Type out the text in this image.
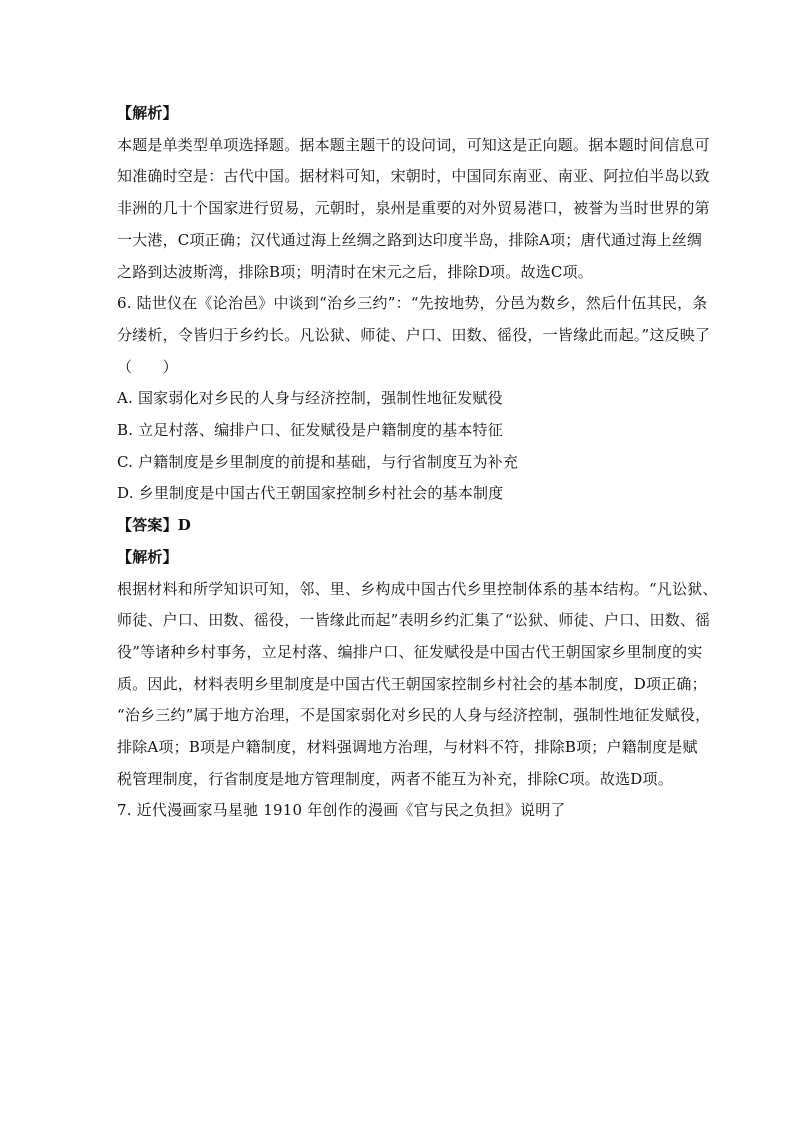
【解析】
本题是单类型单项选择题。据本题主题干的设问词，可知这是正向题。据本题时间信息可
知准确时空是：古代中国。据材料可知，宋朝时，中国同东南亚、南亚、阿拉伯半岛以致
非洲的几十个国家进行贸易，元朝时，泉州是重要的对外贸易港口，被誉为当时世界的第
一大港，C项正确；汉代通过海上丝绸之路到达印度半岛，排除A项；唐代通过海上丝绸
之路到达波斯湾，排除B项；明清时在宋元之后，排除D项。故选C项。
6. 陆世仪在《论治邑》中谈到“治乡三约”：“先按地势，分邑为数乡，然后什伍其民，条
分缕析，令皆归于乡约长。凡讼狱、师徒、户口、田数、徭役，一皆缘此而起。”这反映了
（　　）
A. 国家弱化对乡民的人身与经济控制，强制性地征发赋役
B. 立足村落、编排户口、征发赋役是户籍制度的基本特征
C. 户籍制度是乡里制度的前提和基础，与行省制度互为补充
D. 乡里制度是中国古代王朝国家控制乡村社会的基本制度
【答案】D
【解析】
根据材料和所学知识可知，邻、里、乡构成中国古代乡里控制体系的基本结构。“凡讼狱、
师徒、户口、田数、徭役，一皆缘此而起”表明乡约汇集了“讼狱、师徒、户口、田数、徭
役”等诸种乡村事务，立足村落、编排户口、征发赋役是中国古代王朝国家乡里制度的实
质。因此，材料表明乡里制度是中国古代王朝国家控制乡村社会的基本制度，D项正确；
“治乡三约”属于地方治理，不是国家弱化对乡民的人身与经济控制，强制性地征发赋役，
排除A项；B项是户籍制度，材料强调地方治理，与材料不符，排除B项；户籍制度是赋
税管理制度，行省制度是地方管理制度，两者不能互为补充，排除C项。故选D项。
7. 近代漫画家马星驰 1910 年创作的漫画《官与民之负担》说明了
